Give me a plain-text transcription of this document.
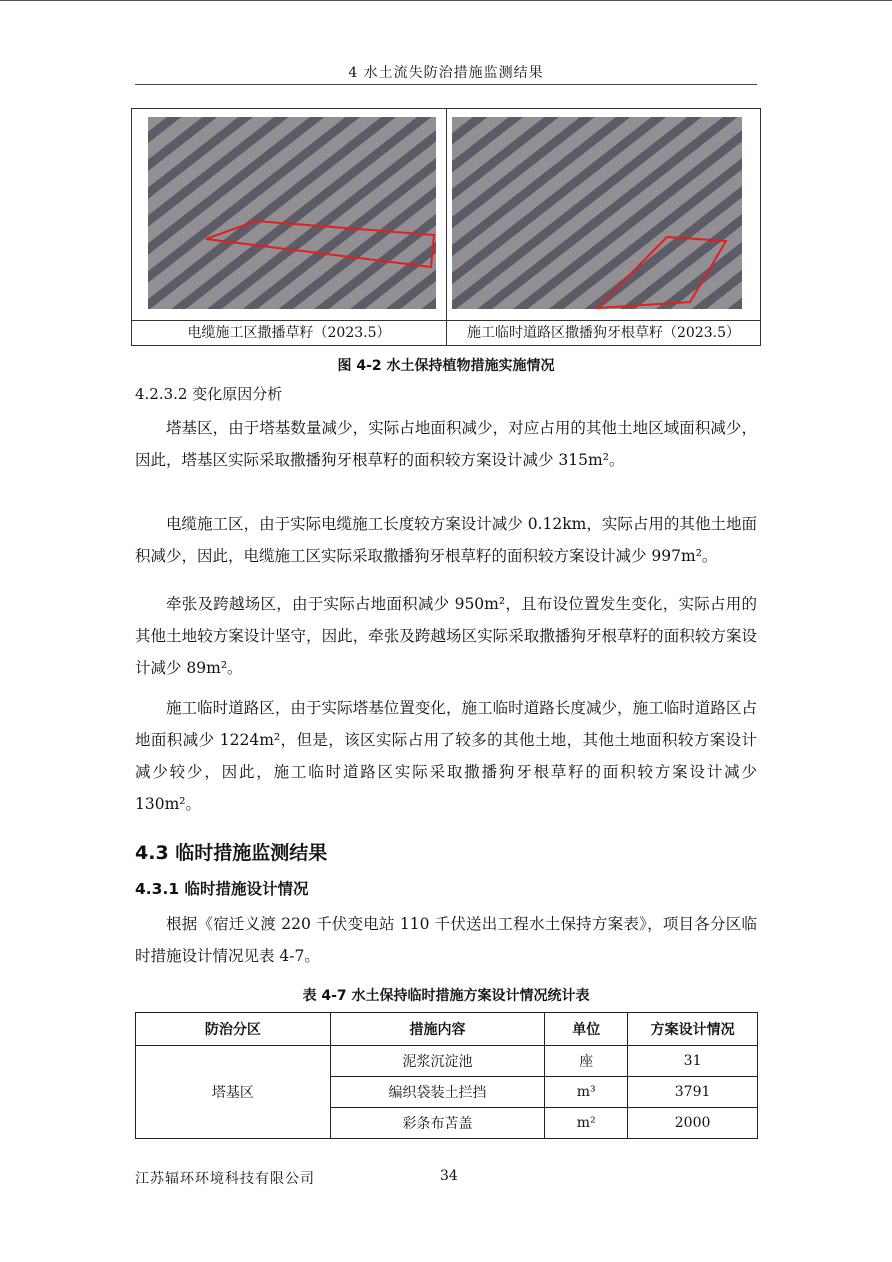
4 水土流失防治措施监测结果
电缆施工区撒播草籽（2023.5）	施工临时道路区撒播狗牙根草籽（2023.5）
图 4-2 水土保持植物措施实施情况
4.2.3.2 变化原因分析

塔基区，由于塔基数量减少，实际占地面积减少，对应占用的其他土地区域面积减少，因此，塔基区实际采取撒播狗牙根草籽的面积较方案设计减少 315m²。

电缆施工区，由于实际电缆施工长度较方案设计减少 0.12km，实际占用的其他土地面积减少，因此，电缆施工区实际采取撒播狗牙根草籽的面积较方案设计减少 997m²。

牵张及跨越场区，由于实际占地面积减少 950m²，且布设位置发生变化，实际占用的其他土地较方案设计坚守，因此，牵张及跨越场区实际采取撒播狗牙根草籽的面积较方案设计减少 89m²。

施工临时道路区，由于实际塔基位置变化，施工临时道路长度减少，施工临时道路区占地面积减少 1224m²，但是，该区实际占用了较多的其他土地，其他土地面积较方案设计减少较少，因此，施工临时道路区实际采取撒播狗牙根草籽的面积较方案设计减少 130m²。

4.3 临时措施监测结果
4.3.1 临时措施设计情况

根据《宿迁义渡 220 千伏变电站 110 千伏送出工程水土保持方案表》，项目各分区临时措施设计情况见表 4-7。

表 4-7 水土保持临时措施方案设计情况统计表
防治分区	措施内容	单位	方案设计情况
塔基区	泥浆沉淀池	座	31
	编织袋装土拦挡	m³	3791
	彩条布苫盖	m²	2000
江苏辐环环境科技有限公司	34
